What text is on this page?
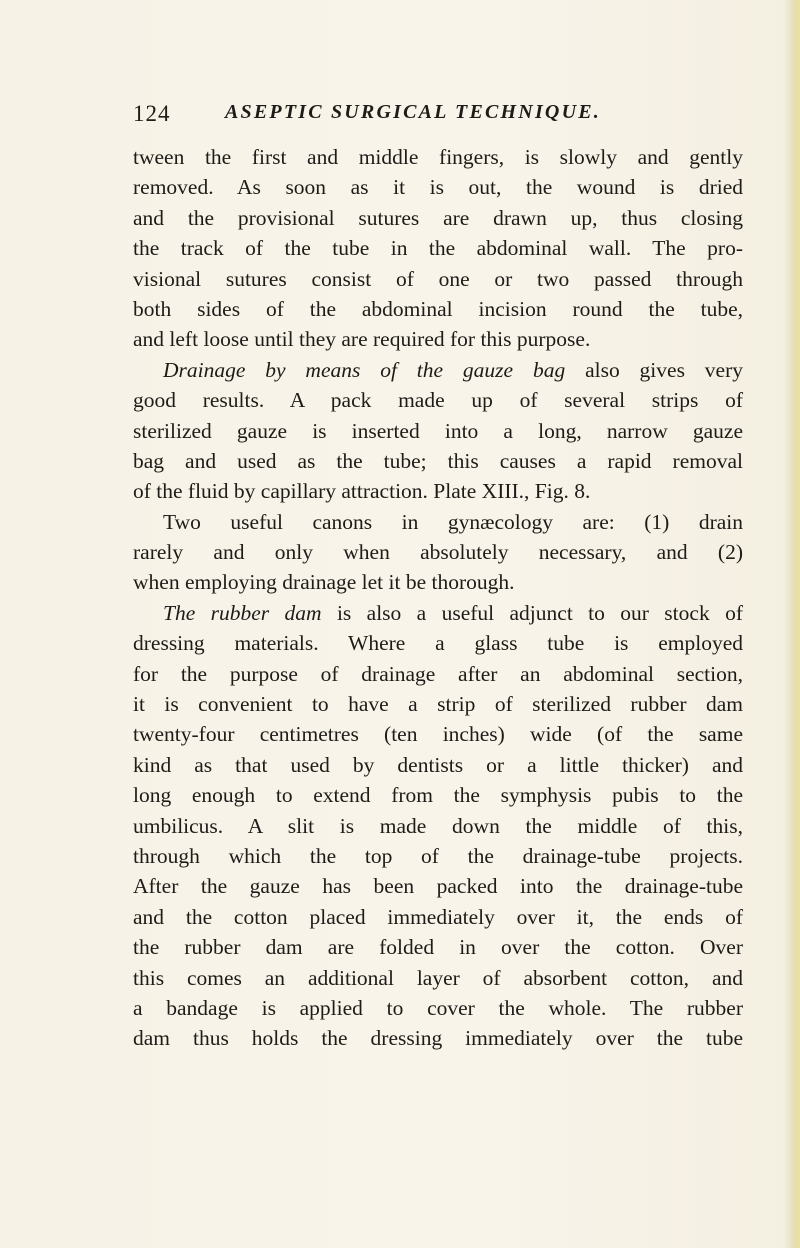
124	ASEPTIC SURGICAL TECHNIQUE.
tween the first and middle fingers, is slowly and gently
removed. As soon as it is out, the wound is dried
and the provisional sutures are drawn up, thus closing
the track of the tube in the abdominal wall. The pro-
visional sutures consist of one or two passed through
both sides of the abdominal incision round the tube,
and left loose until they are required for this purpose.
Drainage by means of the gauze bag also gives very
good results. A pack made up of several strips of
sterilized gauze is inserted into a long, narrow gauze
bag and used as the tube; this causes a rapid removal
of the fluid by capillary attraction. Plate XIII., Fig. 8.
Two useful canons in gynæcology are: (1) drain
rarely and only when absolutely necessary, and (2)
when employing drainage let it be thorough.
The rubber dam is also a useful adjunct to our stock of
dressing materials. Where a glass tube is employed
for the purpose of drainage after an abdominal section,
it is convenient to have a strip of sterilized rubber dam
twenty-four centimetres (ten inches) wide (of the same
kind as that used by dentists or a little thicker) and
long enough to extend from the symphysis pubis to the
umbilicus. A slit is made down the middle of this,
through which the top of the drainage-tube projects.
After the gauze has been packed into the drainage-tube
and the cotton placed immediately over it, the ends of
the rubber dam are folded in over the cotton. Over
this comes an additional layer of absorbent cotton, and
a bandage is applied to cover the whole. The rubber
dam thus holds the dressing immediately over the tube
